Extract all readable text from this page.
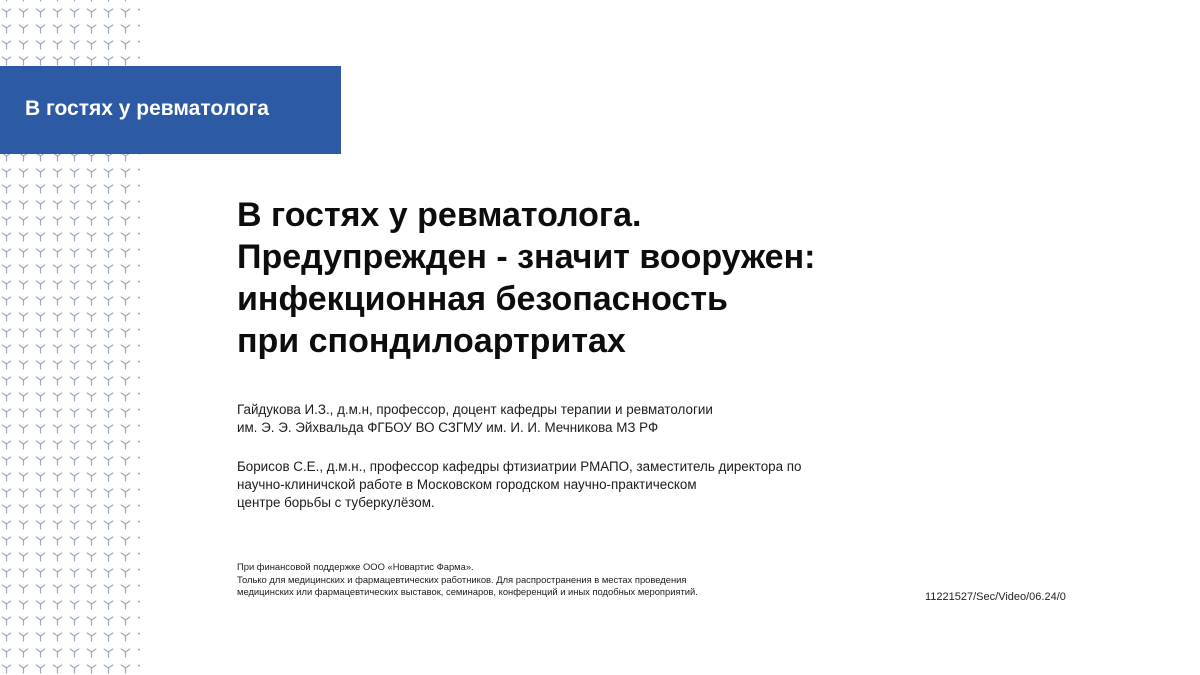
В гостях у ревматолога
В гостях у ревматолога.
Предупрежден - значит вооружен:
инфекционная безопасность
при спондилоартритах

Гайдукова И.З., д.м.н, профессор, доцент кафедры терапии и ревматологии
им. Э. Э. Эйхвальда ФГБОУ ВО СЗГМУ им. И. И. Мечникова МЗ РФ

Борисов С.Е., д.м.н., профессор кафедры фтизиатрии РМАПО, заместитель директора по
научно-клиничской работе в Московском городском научно-практическом
центре борьбы с туберкулёзом.

При финансовой поддержке ООО «Новартис Фарма».
Только для медицинских и фармацевтических работников. Для распространения в местах проведения
медицинских или фармацевтических выставок, семинаров, конференций и иных подобных мероприятий.	11221527/Sec/Video/06.24/0
